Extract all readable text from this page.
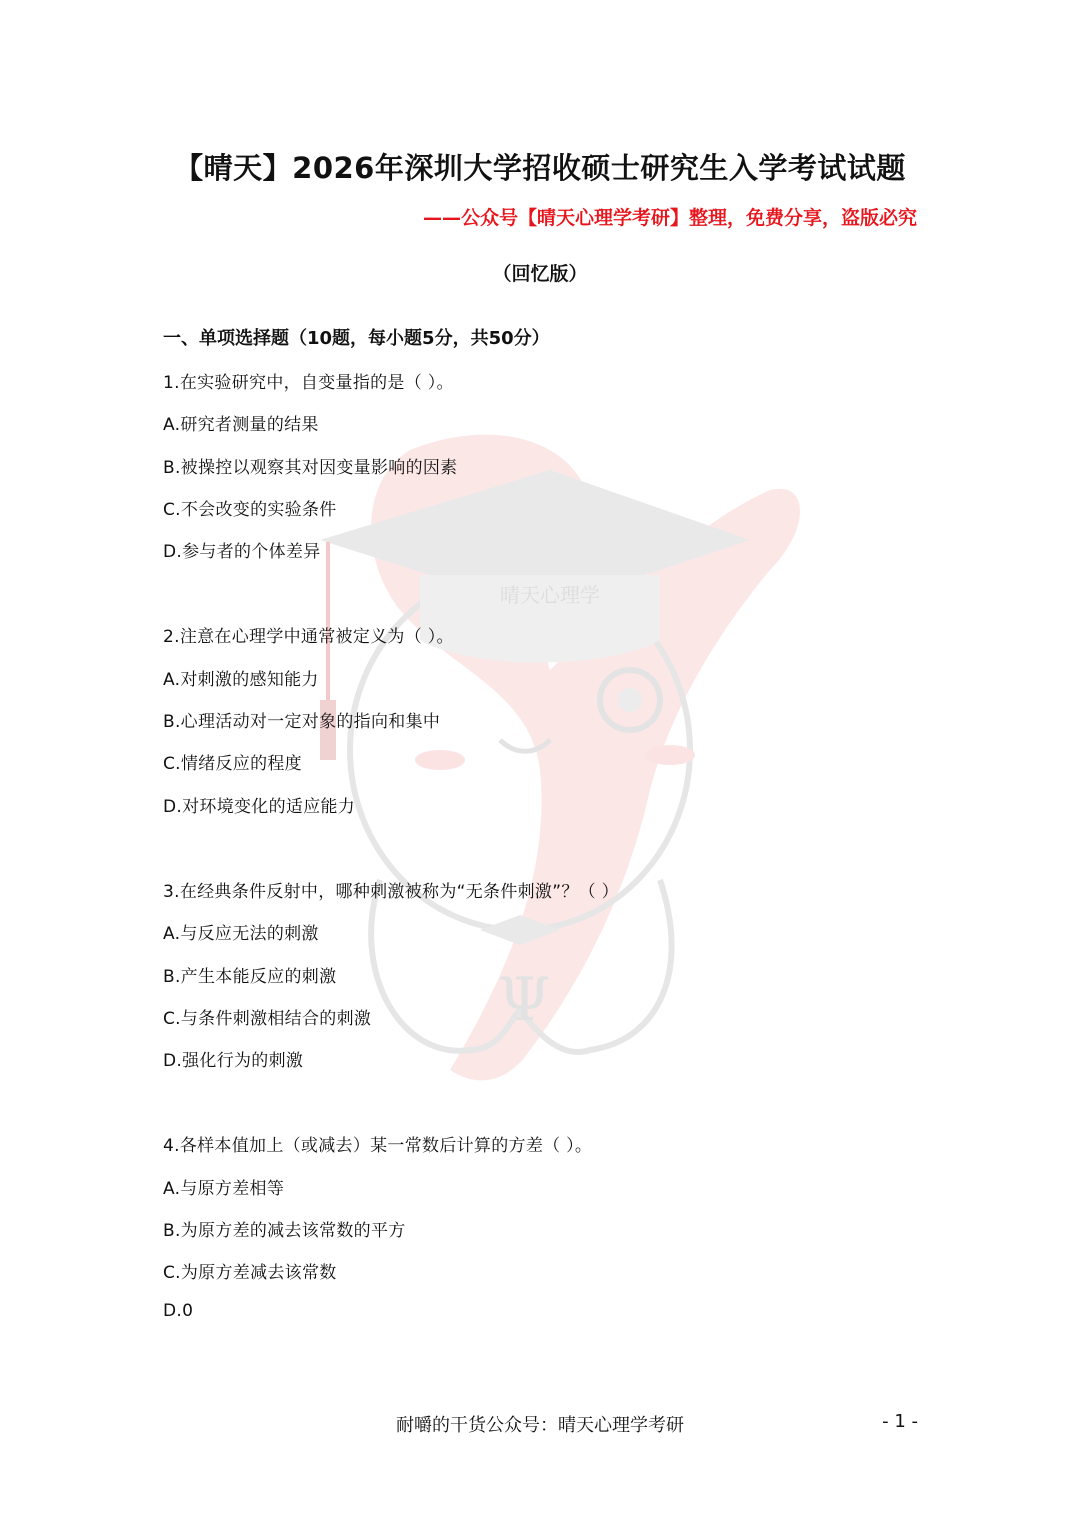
晴天心理学
Ψ
【晴天】2026年深圳大学招收硕士研究生入学考试试题
——公众号【晴天心理学考研】整理，免费分享，盗版必究
（回忆版）
一、单项选择题（10题，每小题5分，共50分）
1.在实验研究中，自变量指的是（ ）。
A.研究者测量的结果
B.被操控以观察其对因变量影响的因素
C.不会改变的实验条件
D.参与者的个体差异
2.注意在心理学中通常被定义为（ ）。
A.对刺激的感知能力
B.心理活动对一定对象的指向和集中
C.情绪反应的程度
D.对环境变化的适应能力
3.在经典条件反射中，哪种刺激被称为“无条件刺激”？（ ）
A.与反应无法的刺激
B.产生本能反应的刺激
C.与条件刺激相结合的刺激
D.强化行为的刺激
4.各样本值加上（或减去）某一常数后计算的方差（ ）。
A.与原方差相等
B.为原方差的减去该常数的平方
C.为原方差减去该常数
D.0
耐嚼的干货公众号：晴天心理学考研	- 1 -
